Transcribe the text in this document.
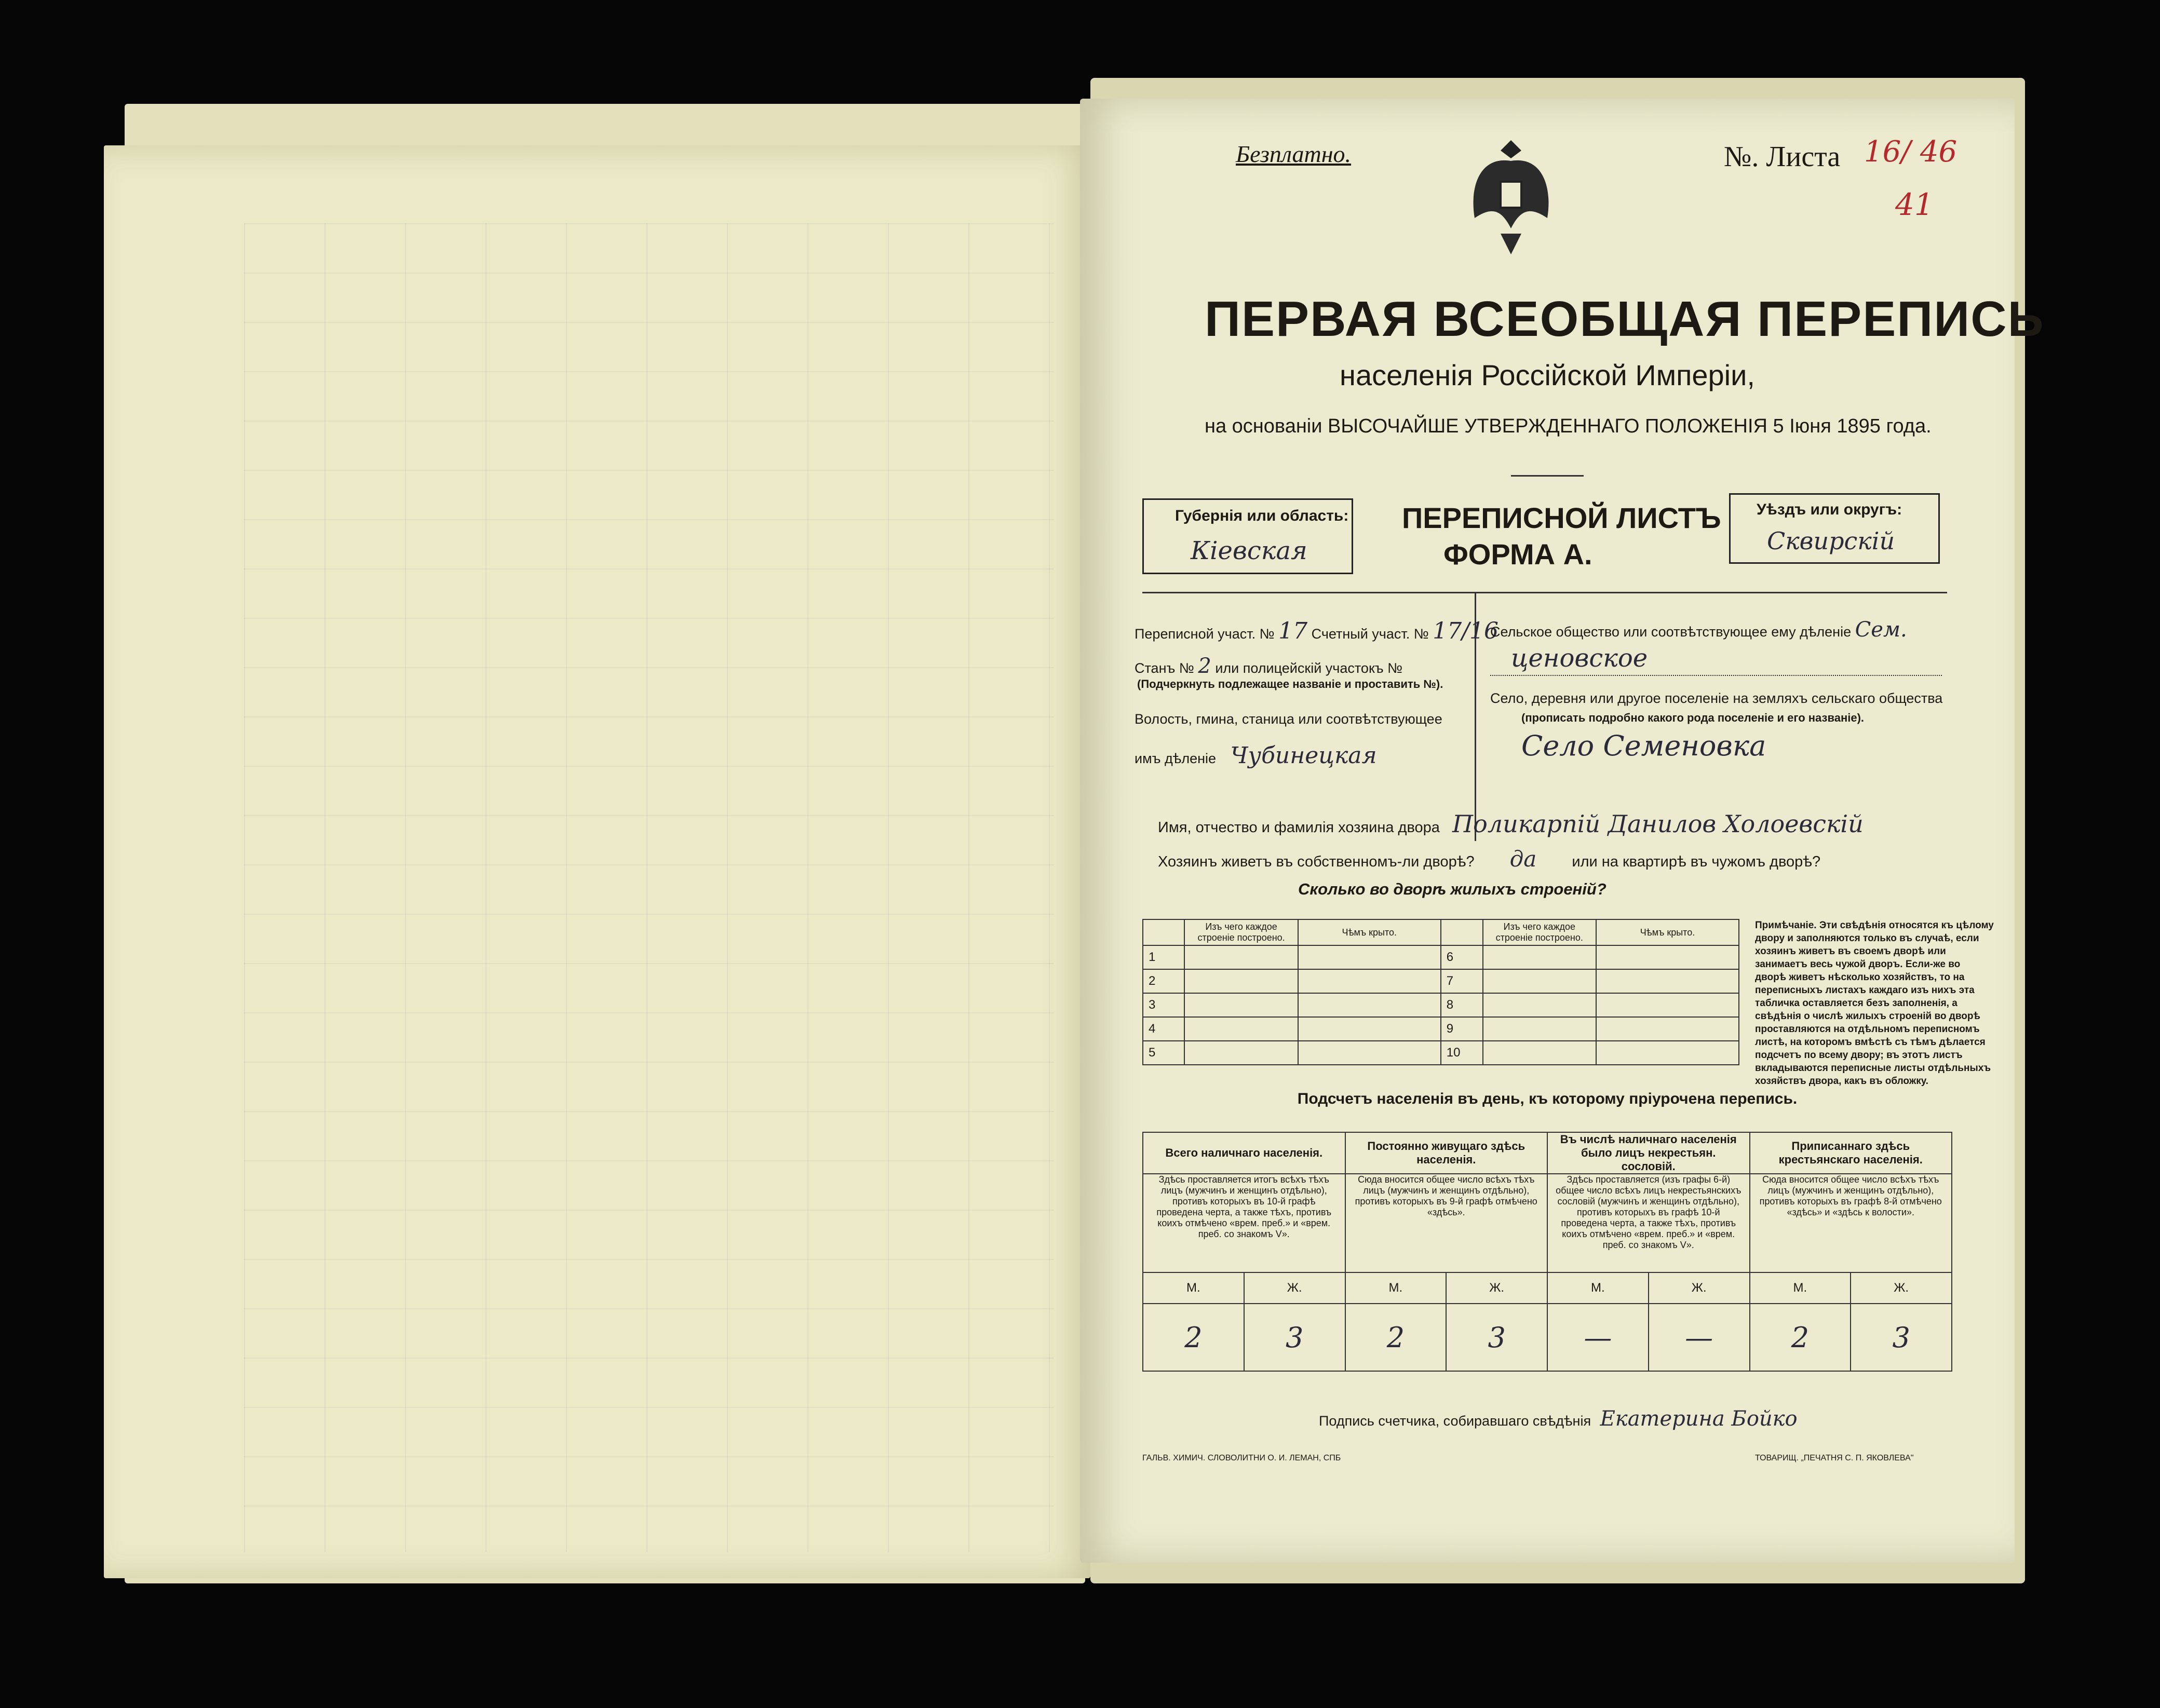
Безплатно.	№. Листа 16/ 46
41
ПЕРВАЯ ВСЕОБЩАЯ ПЕРЕПИСЬ
населенія Россійской Имперіи,
на основаніи ВЫСОЧАЙШЕ УТВЕРЖДЕННАГО ПОЛОЖЕНІЯ 5 Іюня 1895 года.
Губернія или область:
Кіевская
ПЕРЕПИСНОЙ ЛИСТЪ
ФОРМА А.
Уѣздъ или округъ:
Сквирскій
Переписной участ. № 17 Счетный участ. № 17/16
Станъ № 2 или полицейскій участокъ №
(Подчеркнуть подлежащее названіе и проставить №).
Волость, гмина, станица или соотвѣтствующее
имъ дѣленіе Чубинецкая
Сельское общество или соотвѣтствующее ему дѣленіе Сем.
ценовское
Село, деревня или другое поселеніе на земляхъ сельскаго общества
(прописать подробно какого рода поселеніе и его названіе).
Село Семеновка
Имя, отчество и фамилія хозяина двора Поликарпій Данилов Холоевскій
Хозяинъ живетъ въ собственномъ-ли дворѣ? да или на квартирѣ въ чужомъ дворѣ?
Сколько во дворѣ жилыхъ строеній?
	Изъ чего каждое строеніе построено.	Чѣмъ крыто.		Изъ чего каждое строеніе построено.	Чѣмъ крыто.
1			6		
2			7		
3			8		
4			9		
5			10		
Примѣчаніе. Эти свѣдѣнія относятся къ цѣлому двору и заполняются только въ случаѣ, если хозяинъ живетъ въ своемъ дворѣ или занимаетъ весь чужой дворъ. Если-же во дворѣ живетъ нѣсколько хозяйствъ, то на переписныхъ листахъ каждаго изъ нихъ эта табличка оставляется безъ заполненія, а свѣдѣнія о числѣ жилыхъ строеній во дворѣ проставляются на отдѣльномъ переписномъ листѣ, на которомъ вмѣстѣ съ тѣмъ дѣлается подсчетъ по всему двору; въ этотъ листъ вкладываются переписные листы отдѣльныхъ хозяйствъ двора, какъ въ обложку.
Подсчетъ населенія въ день, къ которому пріурочена перепись.
Всего наличнаго населенія.		Постоянно живущаго здѣсь населенія.		Въ числѣ наличнаго населенія было лицъ некрестьян. сословій.		Приписаннаго здѣсь крестьянскаго населенія.	
Здѣсь проставляется итогъ всѣхъ тѣхъ лицъ (мужчинъ и женщинъ отдѣльно), противъ которыхъ въ 10-й графѣ проведена черта, а также тѣхъ, противъ коихъ отмѣчено «врем. преб.» и «врем. преб. со знакомъ V».		Сюда вносится общее число всѣхъ тѣхъ лицъ (мужчинъ и женщинъ отдѣльно), противъ которыхъ въ 9-й графѣ отмѣчено «здѣсь».		Здѣсь проставляется (изъ графы 6-й) общее число всѣхъ лицъ некрестьянскихъ сословій (мужчинъ и женщинъ отдѣльно), противъ которыхъ въ графѣ 10-й проведена черта, а также тѣхъ, противъ коихъ отмѣчено «врем. преб.» и «врем. преб. со знакомъ V».		Сюда вносится общее число всѣхъ тѣхъ лицъ (мужчинъ и женщинъ отдѣльно), противъ которыхъ въ графѣ 8-й отмѣчено «здѣсь» и «здѣсь к волости».	
М.	Ж.	М.	Ж.	М.	Ж.	М.	Ж.
2	3	2	3	—	—	2	3
Подпись счетчика, собиравшаго свѣдѣнія Екатерина Бойко
ГАЛЬВ. ХИМИЧ. СЛОВОЛИТНИ О. И. ЛЕМАН, СПБ	ТОВАРИЩ. „ПЕЧАТНЯ С. П. ЯКОВЛЕВА"
